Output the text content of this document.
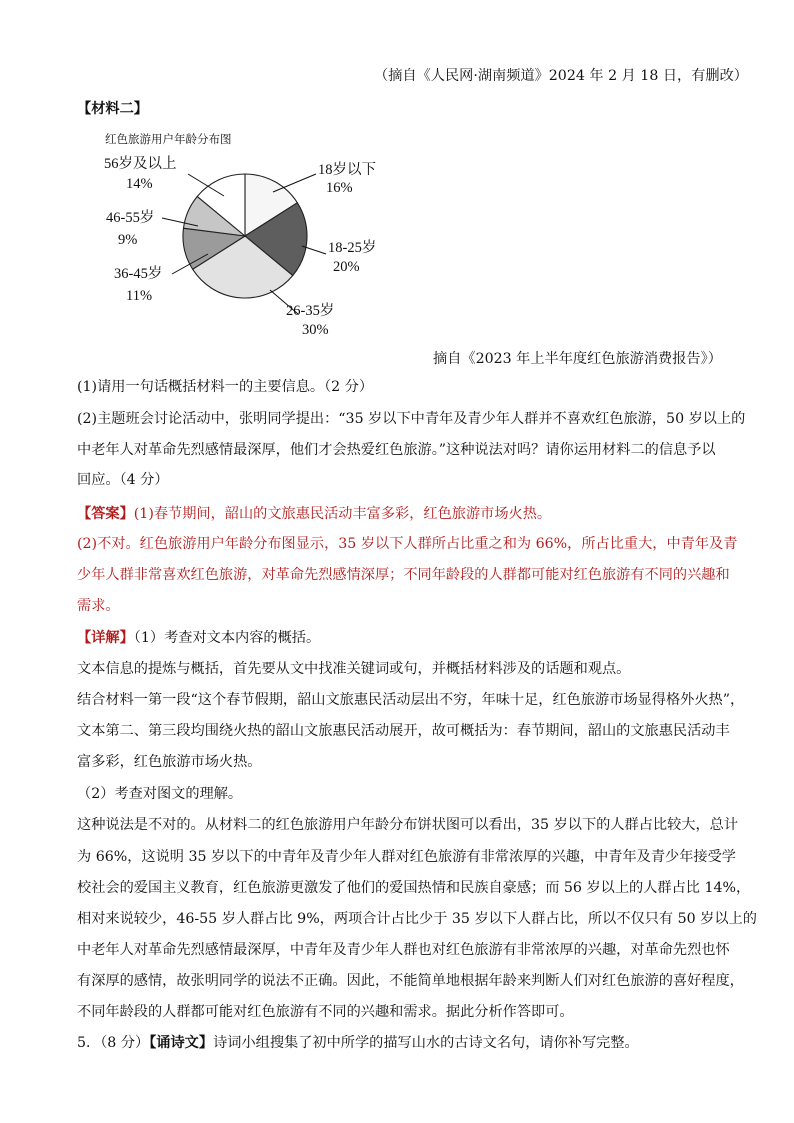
（摘自《人民网·湖南频道》2024 年 2 月 18 日，有删改）
【材料二】
红色旅游用户年龄分布图
18岁以下
16%
18-25岁
20%
26-35岁
30%
36-45岁
11%
46-55岁
9%
56岁及以上
14%
摘自《2023 年上半年度红色旅游消费报告》）
(1)请用一句话概括材料一的主要信息。（2 分）
(2)主题班会讨论活动中，张明同学提出：“35 岁以下中青年及青少年人群并不喜欢红色旅游，50 岁以上的
中老年人对革命先烈感情最深厚，他们才会热爱红色旅游。”这种说法对吗？请你运用材料二的信息予以
回应。（4 分）
【答案】(1)春节期间，韶山的文旅惠民活动丰富多彩，红色旅游市场火热。
(2)不对。红色旅游用户年龄分布图显示，35 岁以下人群所占比重之和为 66%，所占比重大，中青年及青
少年人群非常喜欢红色旅游，对革命先烈感情深厚；不同年龄段的人群都可能对红色旅游有不同的兴趣和
需求。
【详解】（1）考查对文本内容的概括。
文本信息的提炼与概括，首先要从文中找准关键词或句，并概括材料涉及的话题和观点。
结合材料一第一段“这个春节假期，韶山文旅惠民活动层出不穷，年味十足，红色旅游市场显得格外火热”，
文本第二、第三段均围绕火热的韶山文旅惠民活动展开，故可概括为：春节期间，韶山的文旅惠民活动丰
富多彩，红色旅游市场火热。
（2）考查对图文的理解。
这种说法是不对的。从材料二的红色旅游用户年龄分布饼状图可以看出，35 岁以下的人群占比较大，总计
为 66%，这说明 35 岁以下的中青年及青少年人群对红色旅游有非常浓厚的兴趣，中青年及青少年接受学
校社会的爱国主义教育，红色旅游更激发了他们的爱国热情和民族自豪感；而 56 岁以上的人群占比 14%，
相对来说较少，46-55 岁人群占比 9%，两项合计占比少于 35 岁以下人群占比，所以不仅只有 50 岁以上的
中老年人对革命先烈感情最深厚，中青年及青少年人群也对红色旅游有非常浓厚的兴趣，对革命先烈也怀
有深厚的感情，故张明同学的说法不正确。因此，不能简单地根据年龄来判断人们对红色旅游的喜好程度，
不同年龄段的人群都可能对红色旅游有不同的兴趣和需求。据此分析作答即可。
5．（8 分）【诵诗文】诗词小组搜集了初中所学的描写山水的古诗文名句，请你补写完整。
